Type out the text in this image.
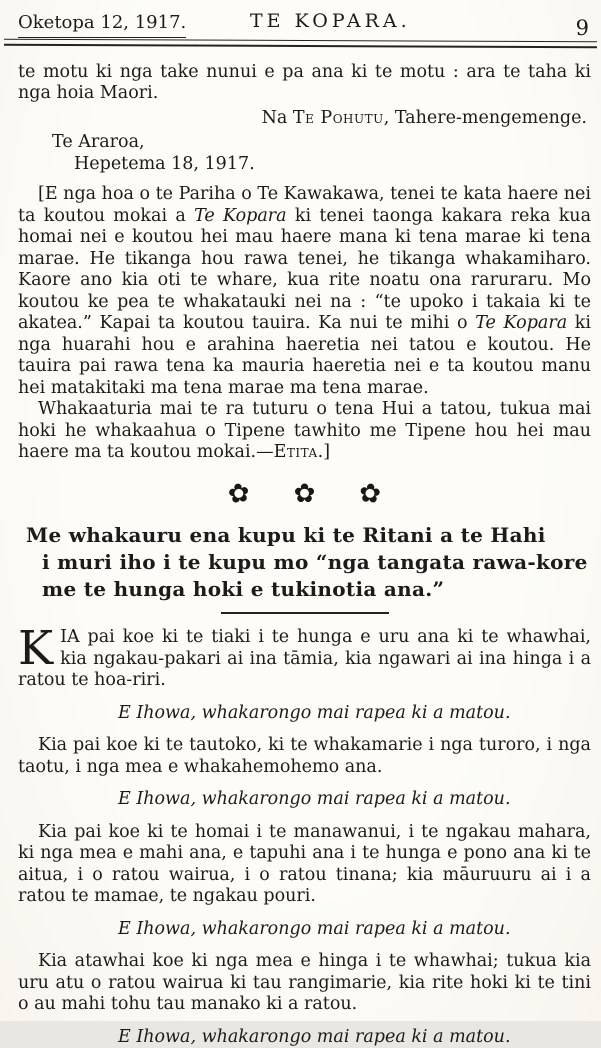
Oketopa 12, 1917.	TE KOPARA.	9

te motu ki nga take nunui e pa ana ki te motu : ara te taha ki nga hoia Maori.

Na Te Pohutu, Tahere-mengemenge.

Te Araroa,

Hepetema 18, 1917.

[E nga hoa o te Pariha o Te Kawakawa, tenei te kata haere nei ta koutou mokai a Te Kopara ki tenei taonga kakara reka kua homai nei e koutou hei mau haere mana ki tena marae ki tena marae. He tikanga hou rawa tenei, he tikanga whakamiharo. Kaore ano kia oti te whare, kua rite noatu ona raruraru. Mo koutou ke pea te whakatauki nei na : “te upoko i takaia ki te akatea.” Kapai ta koutou tauira. Ka nui te mihi o Te Kopara ki nga huarahi hou e arahina haeretia nei tatou e koutou. He tauira pai rawa tena ka mauria haeretia nei e ta koutou manu hei matakitaki ma tena marae ma tena marae.

Whakaaturia mai te ra tuturu o tena Hui a tatou, tukua mai hoki he whakaahua o Tipene tawhito me Tipene hou hei mau haere ma ta koutou mokai.—Etita.]

✿ ✿ ✿
Me whakauru ena kupu ki te Ritani a te Hahi
i muri iho i te kupu mo “nga tangata rawa-kore
me te hunga hoki e tukinotia ana.”

KIA pai koe ki te tiaki i te hunga e uru ana ki te whawhai, kia ngakau-pakari ai ina tāmia, kia ngawari ai ina hinga i a ratou te hoa-riri.

E Ihowa, whakarongo mai rapea ki a matou.

Kia pai koe ki te tautoko, ki te whakamarie i nga turoro, i nga taotu, i nga mea e whakahemohemo ana.

E Ihowa, whakarongo mai rapea ki a matou.

Kia pai koe ki te homai i te manawanui, i te ngakau mahara, ki nga mea e mahi ana, e tapuhi ana i te hunga e pono ana ki te aitua, i o ratou wairua, i o ratou tinana; kia māuruuru ai i a ratou te mamae, te ngakau pouri.

E Ihowa, whakarongo mai rapea ki a matou.

Kia atawhai koe ki nga mea e hinga i te whawhai; tukua kia uru atu o ratou wairua ki tau rangimarie, kia rite hoki ki te tini o au mahi tohu tau manako ki a ratou.

E Ihowa, whakarongo mai rapea ki a matou.
